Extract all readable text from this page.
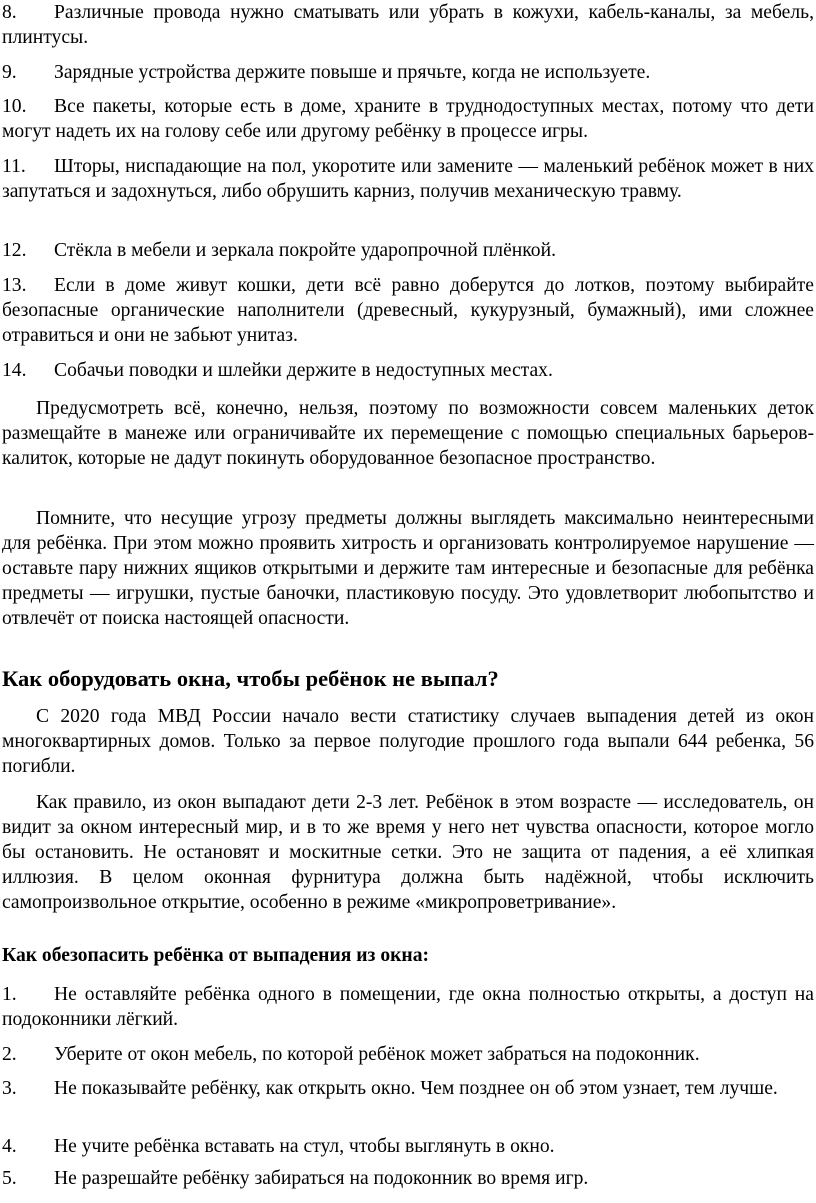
8. Различные провода нужно сматывать или убрать в кожухи, кабель-каналы, за мебель, плинтусы.

9. Зарядные устройства держите повыше и прячьте, когда не используете.

10. Все пакеты, которые есть в доме, храните в труднодоступных местах, потому что дети могут надеть их на голову себе или другому ребёнку в процессе игры.

11. Шторы, ниспадающие на пол, укоротите или замените — маленький ребёнок может в них запутаться и задохнуться, либо обрушить карниз, получив механическую травму.

12. Стёкла в мебели и зеркала покройте ударопрочной плёнкой.

13. Если в доме живут кошки, дети всё равно доберутся до лотков, поэтому выбирайте безопасные органические наполнители (древесный, кукурузный, бумажный), ими сложнее отравиться и они не забьют унитаз.

14. Собачьи поводки и шлейки держите в недоступных местах.

Предусмотреть всё, конечно, нельзя, поэтому по возможности совсем маленьких деток размещайте в манеже или ограничивайте их перемещение с помощью специальных барьеров-калиток, которые не дадут покинуть оборудованное безопасное пространство.

Помните, что несущие угрозу предметы должны выглядеть максимально неинтересными для ребёнка. При этом можно проявить хитрость и организовать контролируемое нарушение — оставьте пару нижних ящиков открытыми и держите там интересные и безопасные для ребёнка предметы — игрушки, пустые баночки, пластиковую посуду. Это удовлетворит любопытство и отвлечёт от поиска настоящей опасности.

Как оборудовать окна, чтобы ребёнок не выпал?

С 2020 года МВД России начало вести статистику случаев выпадения детей из окон многоквартирных домов. Только за первое полугодие прошлого года выпали 644 ребенка, 56 погибли.

Как правило, из окон выпадают дети 2-3 лет. Ребёнок в этом возрасте — исследователь, он видит за окном интересный мир, и в то же время у него нет чувства опасности, которое могло бы остановить. Не остановят и москитные сетки. Это не защита от падения, а её хлипкая иллюзия. В целом оконная фурнитура должна быть надёжной, чтобы исключить самопроизвольное открытие, особенно в режиме «микропроветривание».

Как обезопасить ребёнка от выпадения из окна:

1. Не оставляйте ребёнка одного в помещении, где окна полностью открыты, а доступ на подоконники лёгкий.

2. Уберите от окон мебель, по которой ребёнок может забраться на подоконник.

3. Не показывайте ребёнку, как открыть окно. Чем позднее он об этом узнает, тем лучше.

4. Не учите ребёнка вставать на стул, чтобы выглянуть в окно.

5. Не разрешайте ребёнку забираться на подоконник во время игр.
